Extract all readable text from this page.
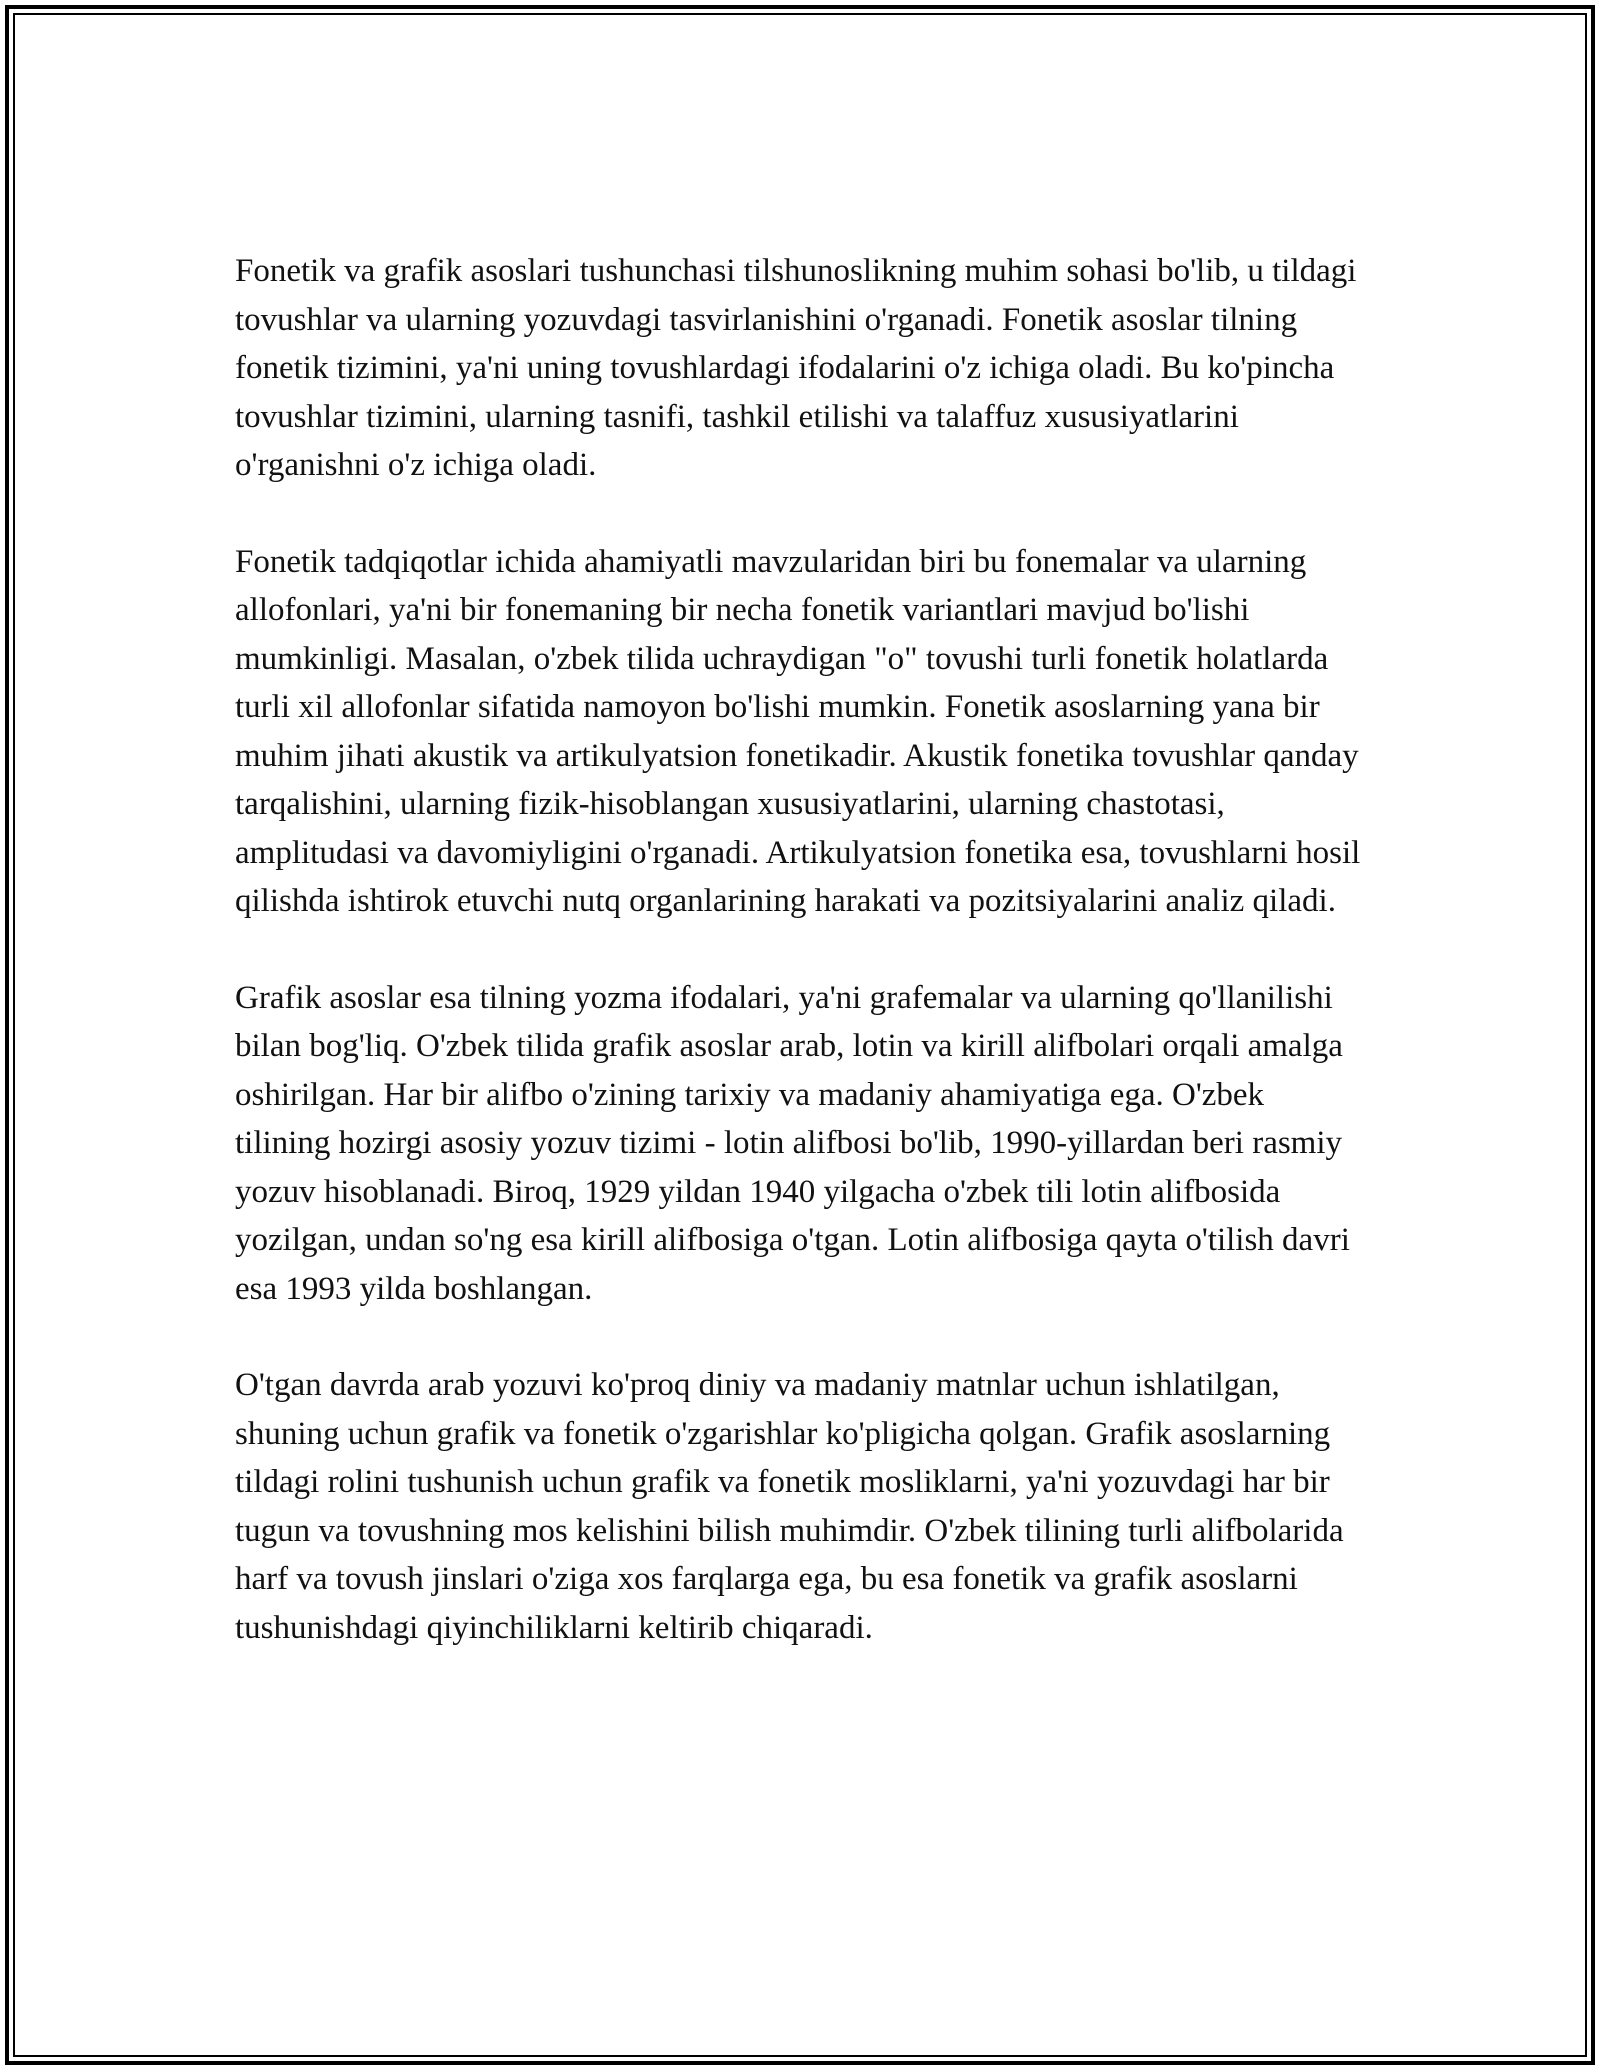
Fonetik va grafik asoslari tushunchasi tilshunoslikning muhim sohasi bo'lib, u tildagi tovushlar va ularning yozuvdagi tasvirlanishini o'rganadi. Fonetik asoslar tilning fonetik tizimini, ya'ni uning tovushlardagi ifodalarini o'z ichiga oladi. Bu ko'pincha tovushlar tizimini, ularning tasnifi, tashkil etilishi va talaffuz xususiyatlarini o'rganishni o'z ichiga oladi.

Fonetik tadqiqotlar ichida ahamiyatli mavzularidan biri bu fonemalar va ularning allofonlari, ya'ni bir fonemaning bir necha fonetik variantlari mavjud bo'lishi mumkinligi. Masalan, o'zbek tilida uchraydigan "o" tovushi turli fonetik holatlarda turli xil allofonlar sifatida namoyon bo'lishi mumkin. Fonetik asoslarning yana bir muhim jihati akustik va artikulyatsion fonetikadir. Akustik fonetika tovushlar qanday tarqalishini, ularning fizik-hisoblangan xususiyatlarini, ularning chastotasi, amplitudasi va davomiyligini o'rganadi. Artikulyatsion fonetika esa, tovushlarni hosil qilishda ishtirok etuvchi nutq organlarining harakati va pozitsiyalarini analiz qiladi.

Grafik asoslar esa tilning yozma ifodalari, ya'ni grafemalar va ularning qo'llanilishi bilan bog'liq. O'zbek tilida grafik asoslar arab, lotin va kirill alifbolari orqali amalga oshirilgan. Har bir alifbo o'zining tarixiy va madaniy ahamiyatiga ega. O'zbek tilining hozirgi asosiy yozuv tizimi - lotin alifbosi bo'lib, 1990-yillardan beri rasmiy yozuv hisoblanadi. Biroq, 1929 yildan 1940 yilgacha o'zbek tili lotin alifbosida yozilgan, undan so'ng esa kirill alifbosiga o'tgan. Lotin alifbosiga qayta o'tilish davri esa 1993 yilda boshlangan.

O'tgan davrda arab yozuvi ko'proq diniy va madaniy matnlar uchun ishlatilgan, shuning uchun grafik va fonetik o'zgarishlar ko'pligicha qolgan. Grafik asoslarning tildagi rolini tushunish uchun grafik va fonetik mosliklarni, ya'ni yozuvdagi har bir tugun va tovushning mos kelishini bilish muhimdir. O'zbek tilining turli alifbolarida harf va tovush jinslari o'ziga xos farqlarga ega, bu esa fonetik va grafik asoslarni tushunishdagi qiyinchiliklarni keltirib chiqaradi.
